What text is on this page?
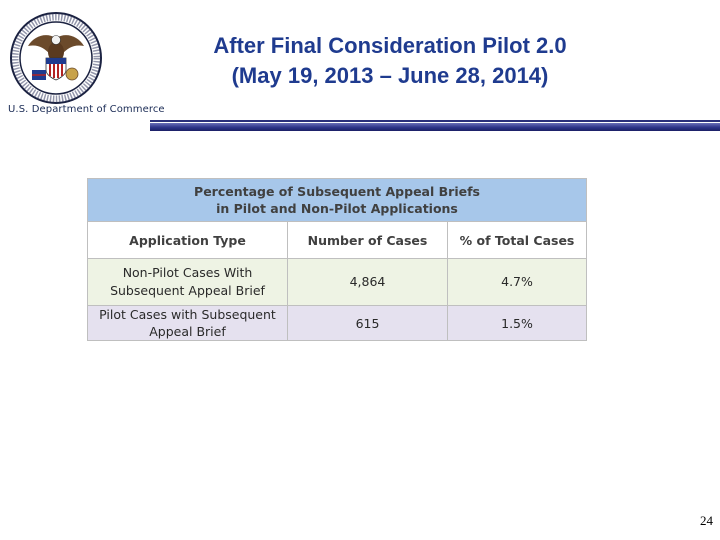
U.S. Department of Commerce
After Final Consideration Pilot 2.0
(May 19, 2013 – June 28, 2014)
Percentage of Subsequent Appeal Briefs
in Pilot and Non-Pilot Applications		

Application Type	Number of Cases	% of Total Cases
Non-Pilot Cases With Subsequent Appeal Brief	4,864	4.7%
Pilot Cases with Subsequent Appeal Brief	615	1.5%
24
